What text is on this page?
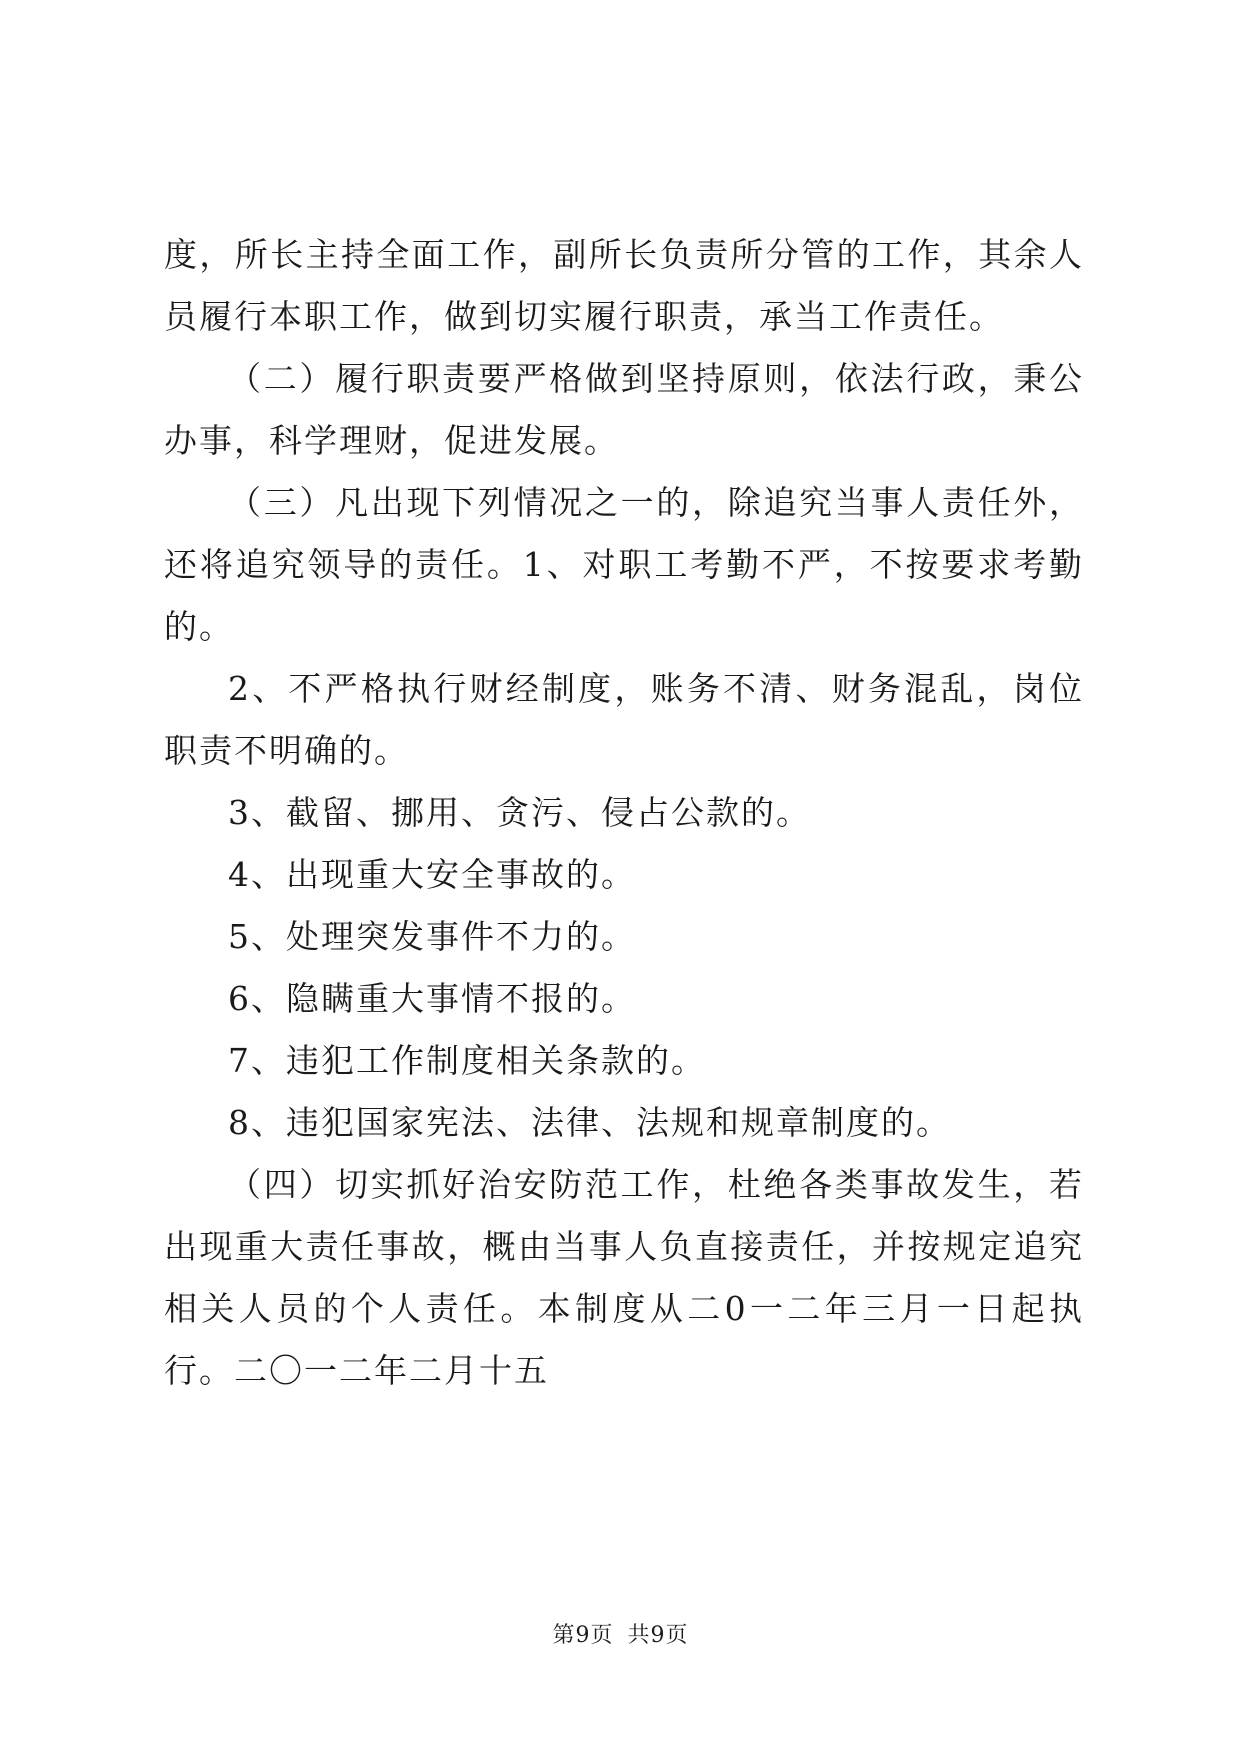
度，所长主持全面工作，副所长负责所分管的工作，其余人员履行本职工作，做到切实履行职责，承当工作责任。

（二）履行职责要严格做到坚持原则，依法行政，秉公办事，科学理财，促进发展。

（三）凡出现下列情况之一的，除追究当事人责任外，还将追究领导的责任。1、对职工考勤不严，不按要求考勤的。

2、不严格执行财经制度，账务不清、财务混乱，岗位职责不明确的。

3、截留、挪用、贪污、侵占公款的。

4、出现重大安全事故的。

5、处理突发事件不力的。

6、隐瞒重大事情不报的。

7、违犯工作制度相关条款的。

8、违犯国家宪法、法律、法规和规章制度的。

（四）切实抓好治安防范工作，杜绝各类事故发生，若出现重大责任事故，概由当事人负直接责任，并按规定追究相关人员的个人责任。本制度从二0一二年三月一日起执行。二〇一二年二月十五

第9页 共9页
